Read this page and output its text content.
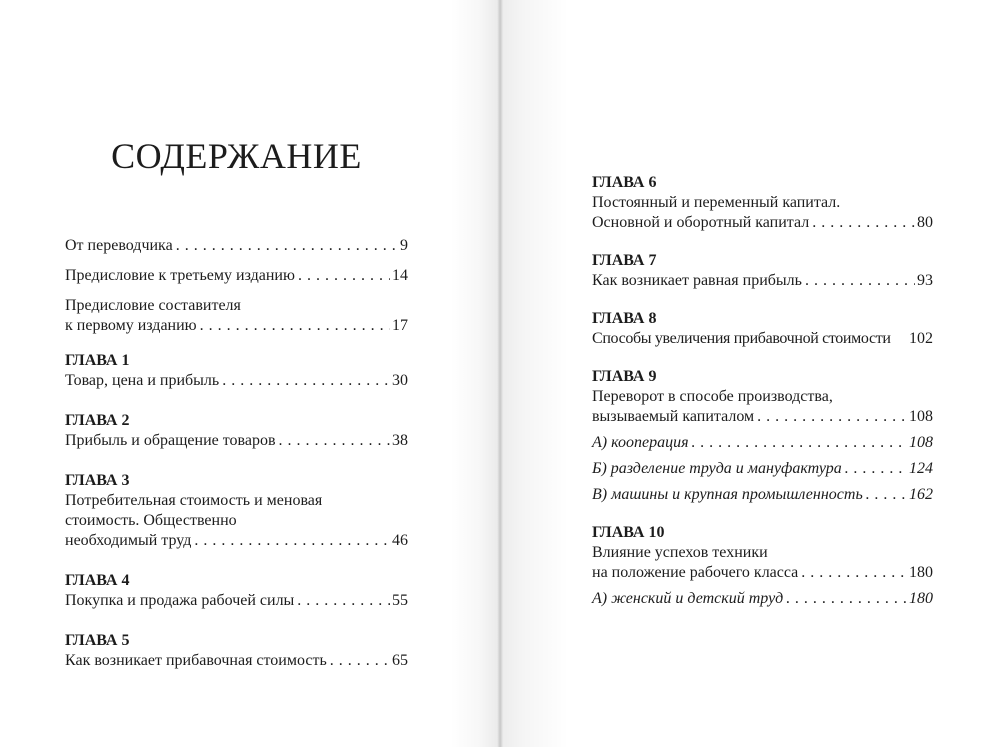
СОДЕРЖАНИЕ
От переводчика . . .	9
Предисловие к третьему изданию . . .	14
Предисловие составителя
к первому изданию . . .	17
ГЛАВА 1
Товар, цена и прибыль . . .	30
ГЛАВА 2
Прибыль и обращение товаров . . .	38
ГЛАВА 3
Потребительная стоимость и меновая
стоимость. Общественно
необходимый труд . . .	46
ГЛАВА 4
Покупка и продажа рабочей силы . . .	55
ГЛАВА 5
Как возникает прибавочная стоимость . . .	65
ГЛАВА 6
Постоянный и переменный капитал.
Основной и оборотный капитал . . .	80
ГЛАВА 7
Как возникает равная прибыль . . .	93
ГЛАВА 8
Способы увеличения прибавочной стоимости 102
ГЛАВА 9
Переворот в способе производства,
вызываемый капиталом . . .	108
А) кооперация . . .	108
Б) разделение труда и мануфактура . . .	124
В) машины и крупная промышленность . . .	162
ГЛАВА 10
Влияние успехов техники
на положение рабочего класса . . .	180
А) женский и детский труд . . .	180
